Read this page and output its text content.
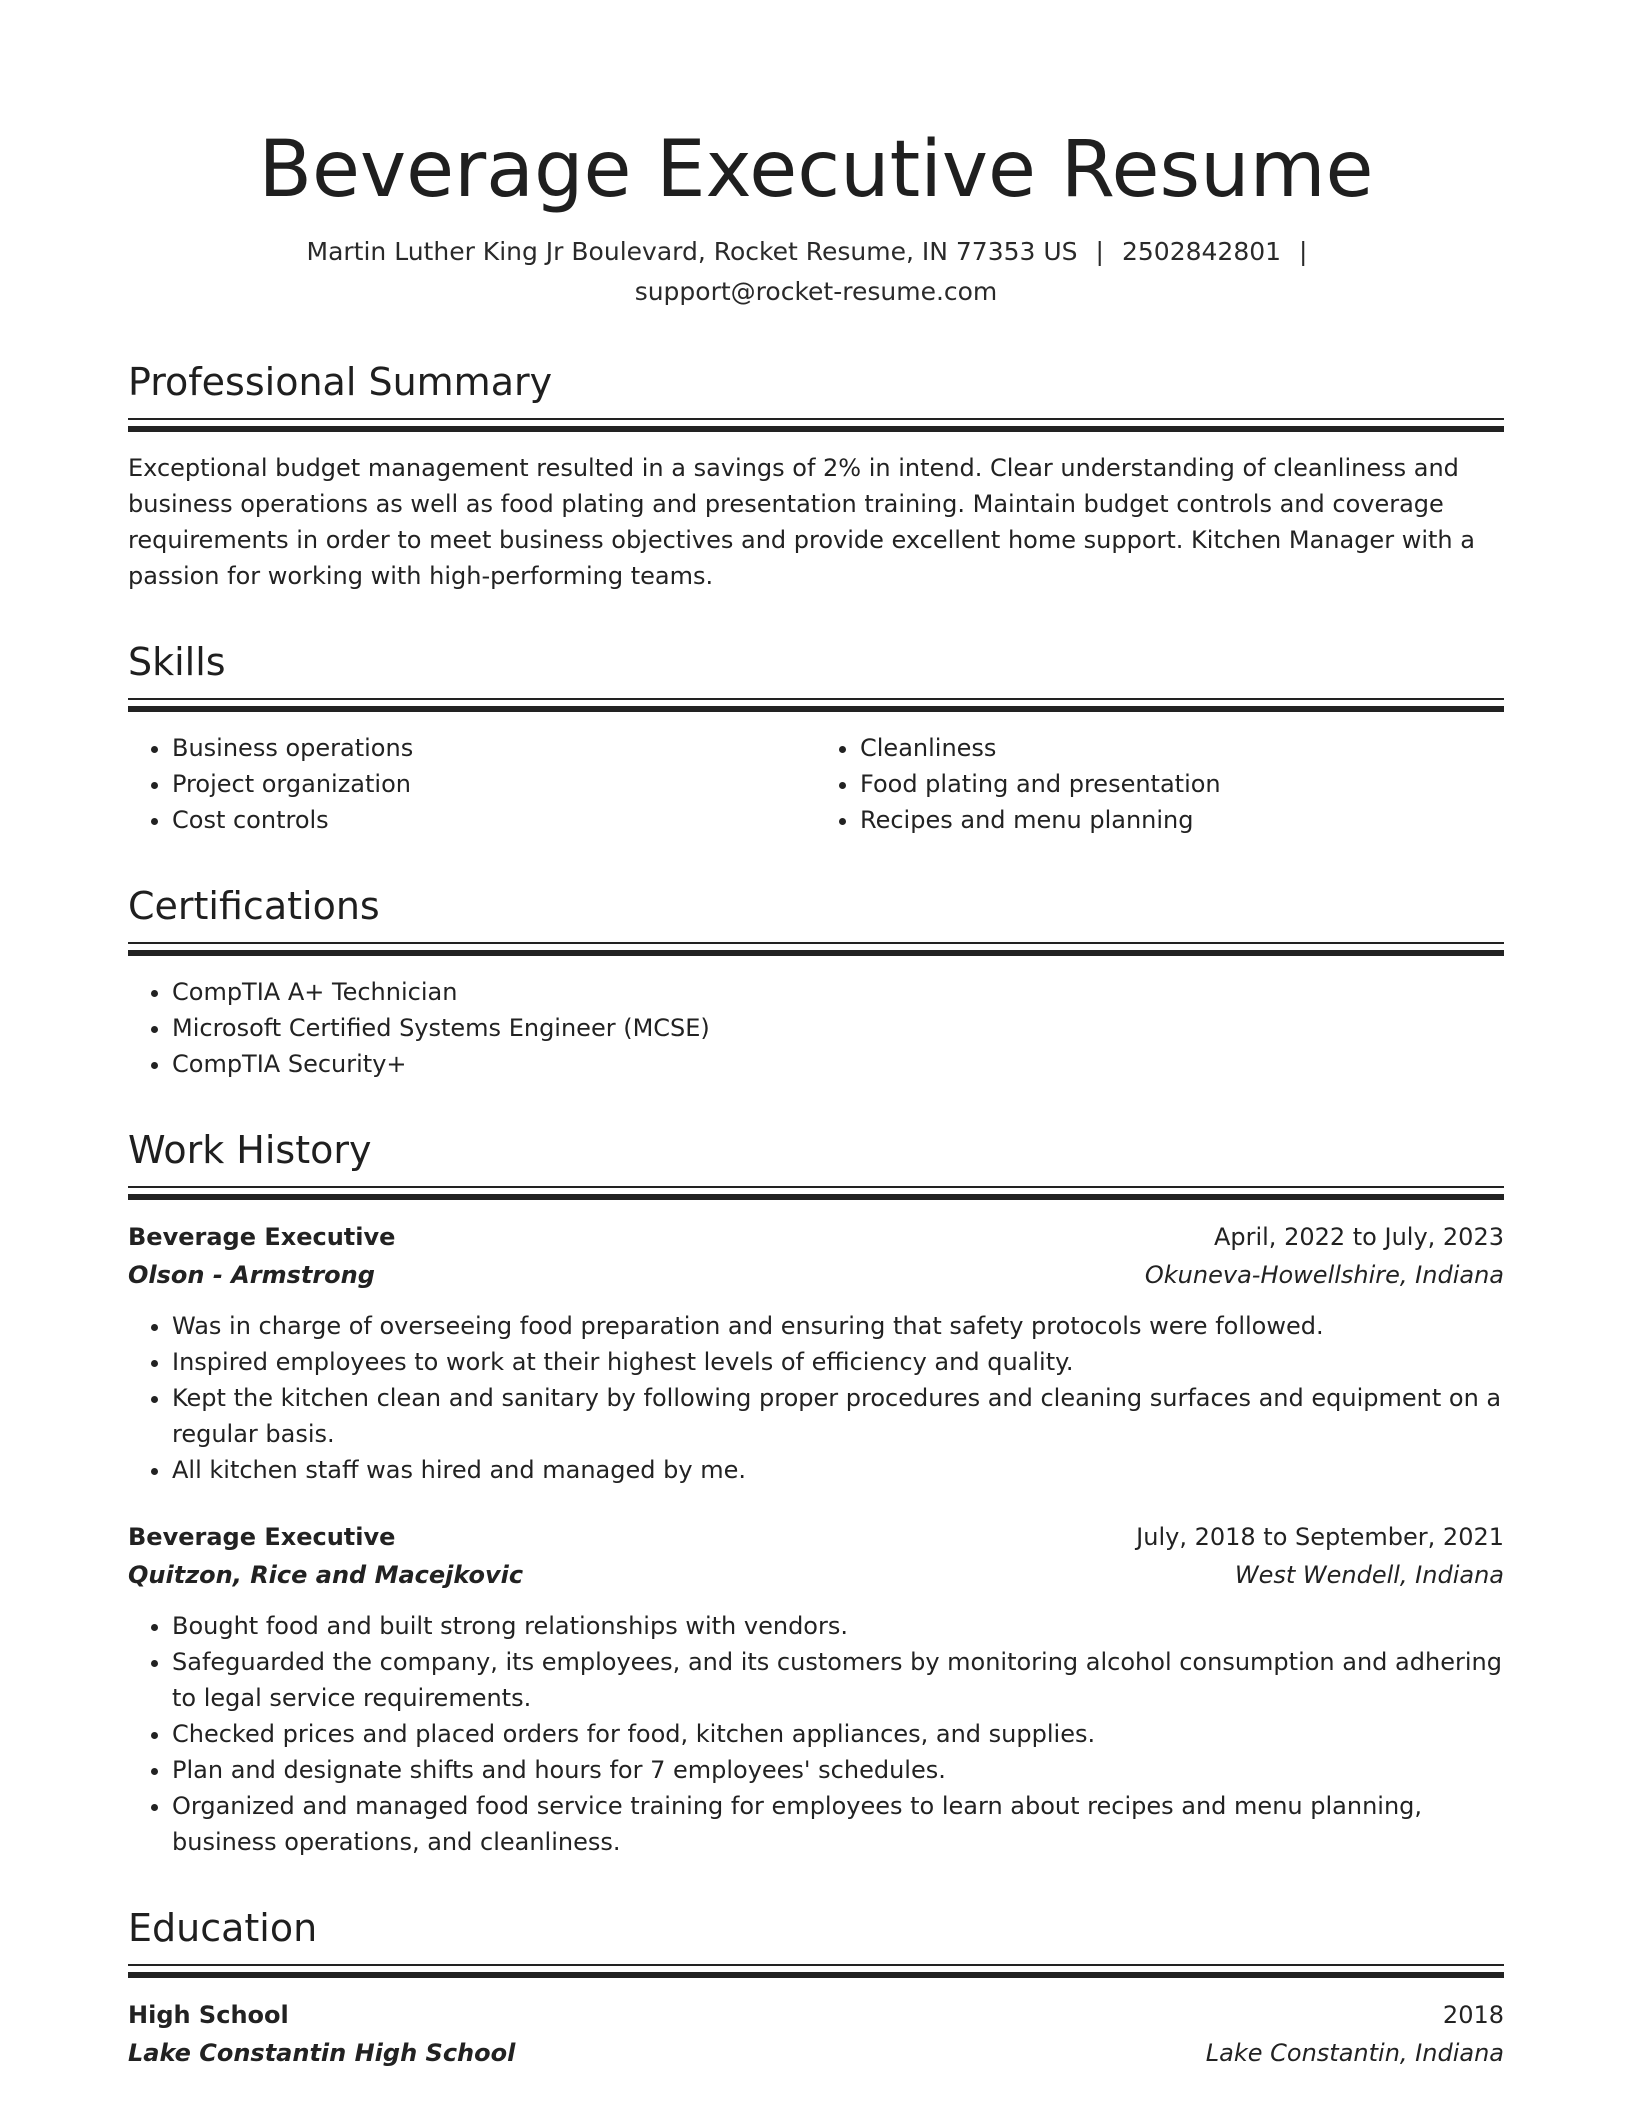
Beverage Executive Resume
Martin Luther King Jr Boulevard, Rocket Resume, IN 77353 US | 2502842801 |
support@rocket-resume.com
Professional Summary

Exceptional budget management resulted in a savings of 2% in intend. Clear understanding of cleanliness and business operations as well as food plating and presentation training. Maintain budget controls and coverage requirements in order to meet business objectives and provide excellent home support. Kitchen Manager with a passion for working with high-performing teams.

Skills
• Business operations
• Project organization
• Cost controls
• Cleanliness
• Food plating and presentation
• Recipes and menu planning
Certifications
• CompTIA A+ Technician
• Microsoft Certified Systems Engineer (MCSE)
• CompTIA Security+
Work History
Beverage Executive	April, 2022 to July, 2023
Olson - Armstrong	Okuneva-Howellshire, Indiana
• Was in charge of overseeing food preparation and ensuring that safety protocols were followed.
• Inspired employees to work at their highest levels of efficiency and quality.
• Kept the kitchen clean and sanitary by following proper procedures and cleaning surfaces and equipment on a regular basis.
• All kitchen staff was hired and managed by me.
Beverage Executive	July, 2018 to September, 2021
Quitzon, Rice and Macejkovic	West Wendell, Indiana
• Bought food and built strong relationships with vendors.
• Safeguarded the company, its employees, and its customers by monitoring alcohol consumption and adhering to legal service requirements.
• Checked prices and placed orders for food, kitchen appliances, and supplies.
• Plan and designate shifts and hours for 7 employees' schedules.
• Organized and managed food service training for employees to learn about recipes and menu planning, business operations, and cleanliness.
Education
High School	2018
Lake Constantin High School	Lake Constantin, Indiana
